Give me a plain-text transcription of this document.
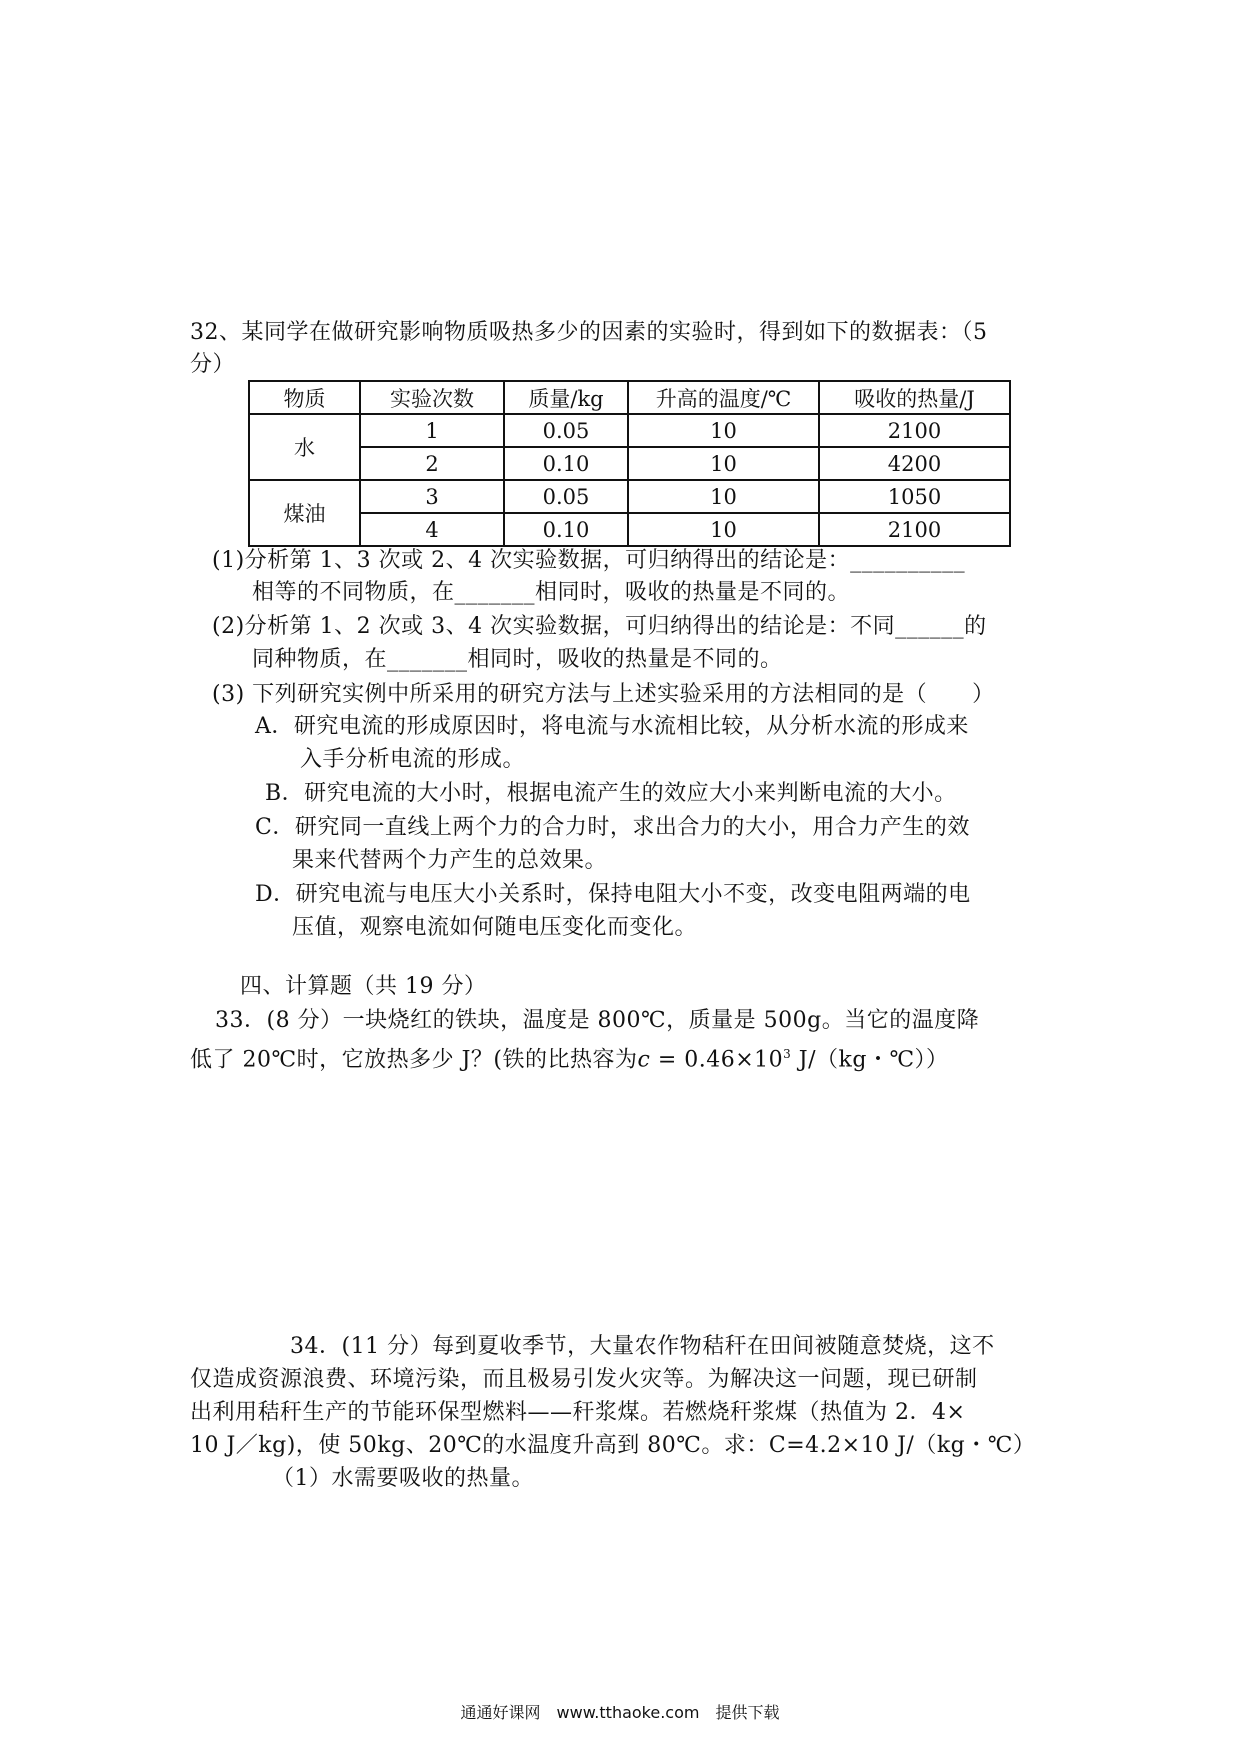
32、某同学在做研究影响物质吸热多少的因素的实验时，得到如下的数据表：（5
分）
物质	实验次数	质量/kg	升高的温度/℃	吸收的热量/J
水	1	0.05	10	2100
	2	0.10	10	4200
煤油	3	0.05	10	1050
	4	0.10	10	2100
(1)分析第 1、3 次或 2、4 次实验数据，可归纳得出的结论是：__________
相等的不同物质，在_______相同时，吸收的热量是不同的。
(2)分析第 1、2 次或 3、4 次实验数据，可归纳得出的结论是：不同______的
同种物质，在_______相同时，吸收的热量是不同的。
(3) 下列研究实例中所采用的研究方法与上述实验采用的方法相同的是（　　）
A．研究电流的形成原因时，将电流与水流相比较，从分析水流的形成来
入手分析电流的形成。
B．研究电流的大小时，根据电流产生的效应大小来判断电流的大小。
C．研究同一直线上两个力的合力时，求出合力的大小，用合力产生的效
果来代替两个力产生的总效果。
D．研究电流与电压大小关系时，保持电阻大小不变，改变电阻两端的电
压值，观察电流如何随电压变化而变化。
四、计算题（共 19 分）
33．(8 分）一块烧红的铁块，温度是 800℃，质量是 500g。当它的温度降
低了 20℃时，它放热多少 J？(铁的比热容为$c = 0.46\times 10^3$ J/（kg・℃））
34．(11 分）每到夏收季节，大量农作物秸秆在田间被随意焚烧，这不
仅造成资源浪费、环境污染，而且极易引发火灾等。为解决这一问题，现已研制
出利用秸秆生产的节能环保型燃料——秆浆煤。若燃烧秆浆煤（热值为 2．4×
10 J／kg)，使 50kg、20℃的水温度升高到 80℃。求：C=4.2×10 J/（kg・℃）
（1）水需要吸收的热量。
通通好课网　www.tthaoke.com　提供下载
